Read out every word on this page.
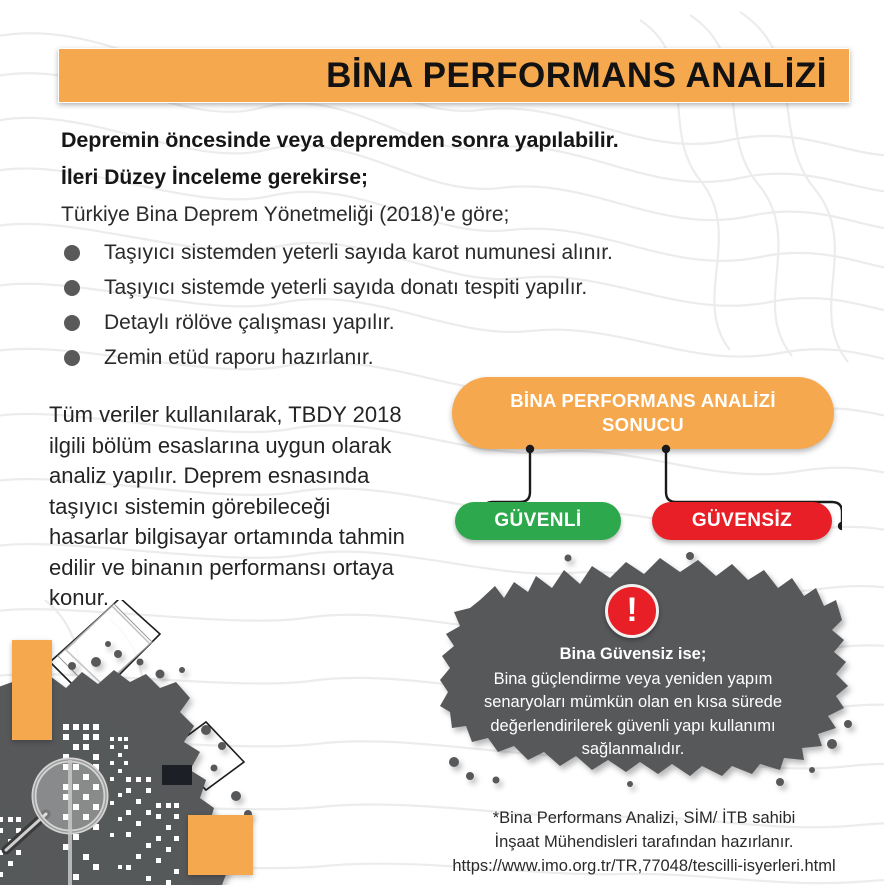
BİNA PERFORMANS ANALİZİ
Depremin öncesinde veya depremden sonra yapılabilir.
İleri Düzey İnceleme gerekirse;
Türkiye Bina Deprem Yönetmeliği (2018)'e göre;
Taşıyıcı sistemden yeterli sayıda karot numunesi alınır.
Taşıyıcı sistemde yeterli sayıda donatı tespiti yapılır.
Detaylı rölöve çalışması yapılır.
Zemin etüd raporu hazırlanır.
Tüm veriler kullanılarak, TBDY 2018 ilgili bölüm esaslarına uygun olarak analiz yapılır. Deprem esnasında taşıyıcı sistemin görebileceği hasarlar bilgisayar ortamında tahmin edilir ve binanın performansı ortaya konur.
BİNA PERFORMANS ANALİZİ SONUCU
GÜVENLİ	GÜVENSİZ
!
Bina Güvensiz ise;
Bina güçlendirme veya yeniden yapım senaryoları mümkün olan en kısa sürede değerlendirilerek güvenli yapı kullanımı sağlanmalıdır.
*Bina Performans Analizi, SİM/ İTB sahibi
İnşaat Mühendisleri tarafından hazırlanır.
https://www.imo.org.tr/TR,77048/tescilli-isyerleri.html
